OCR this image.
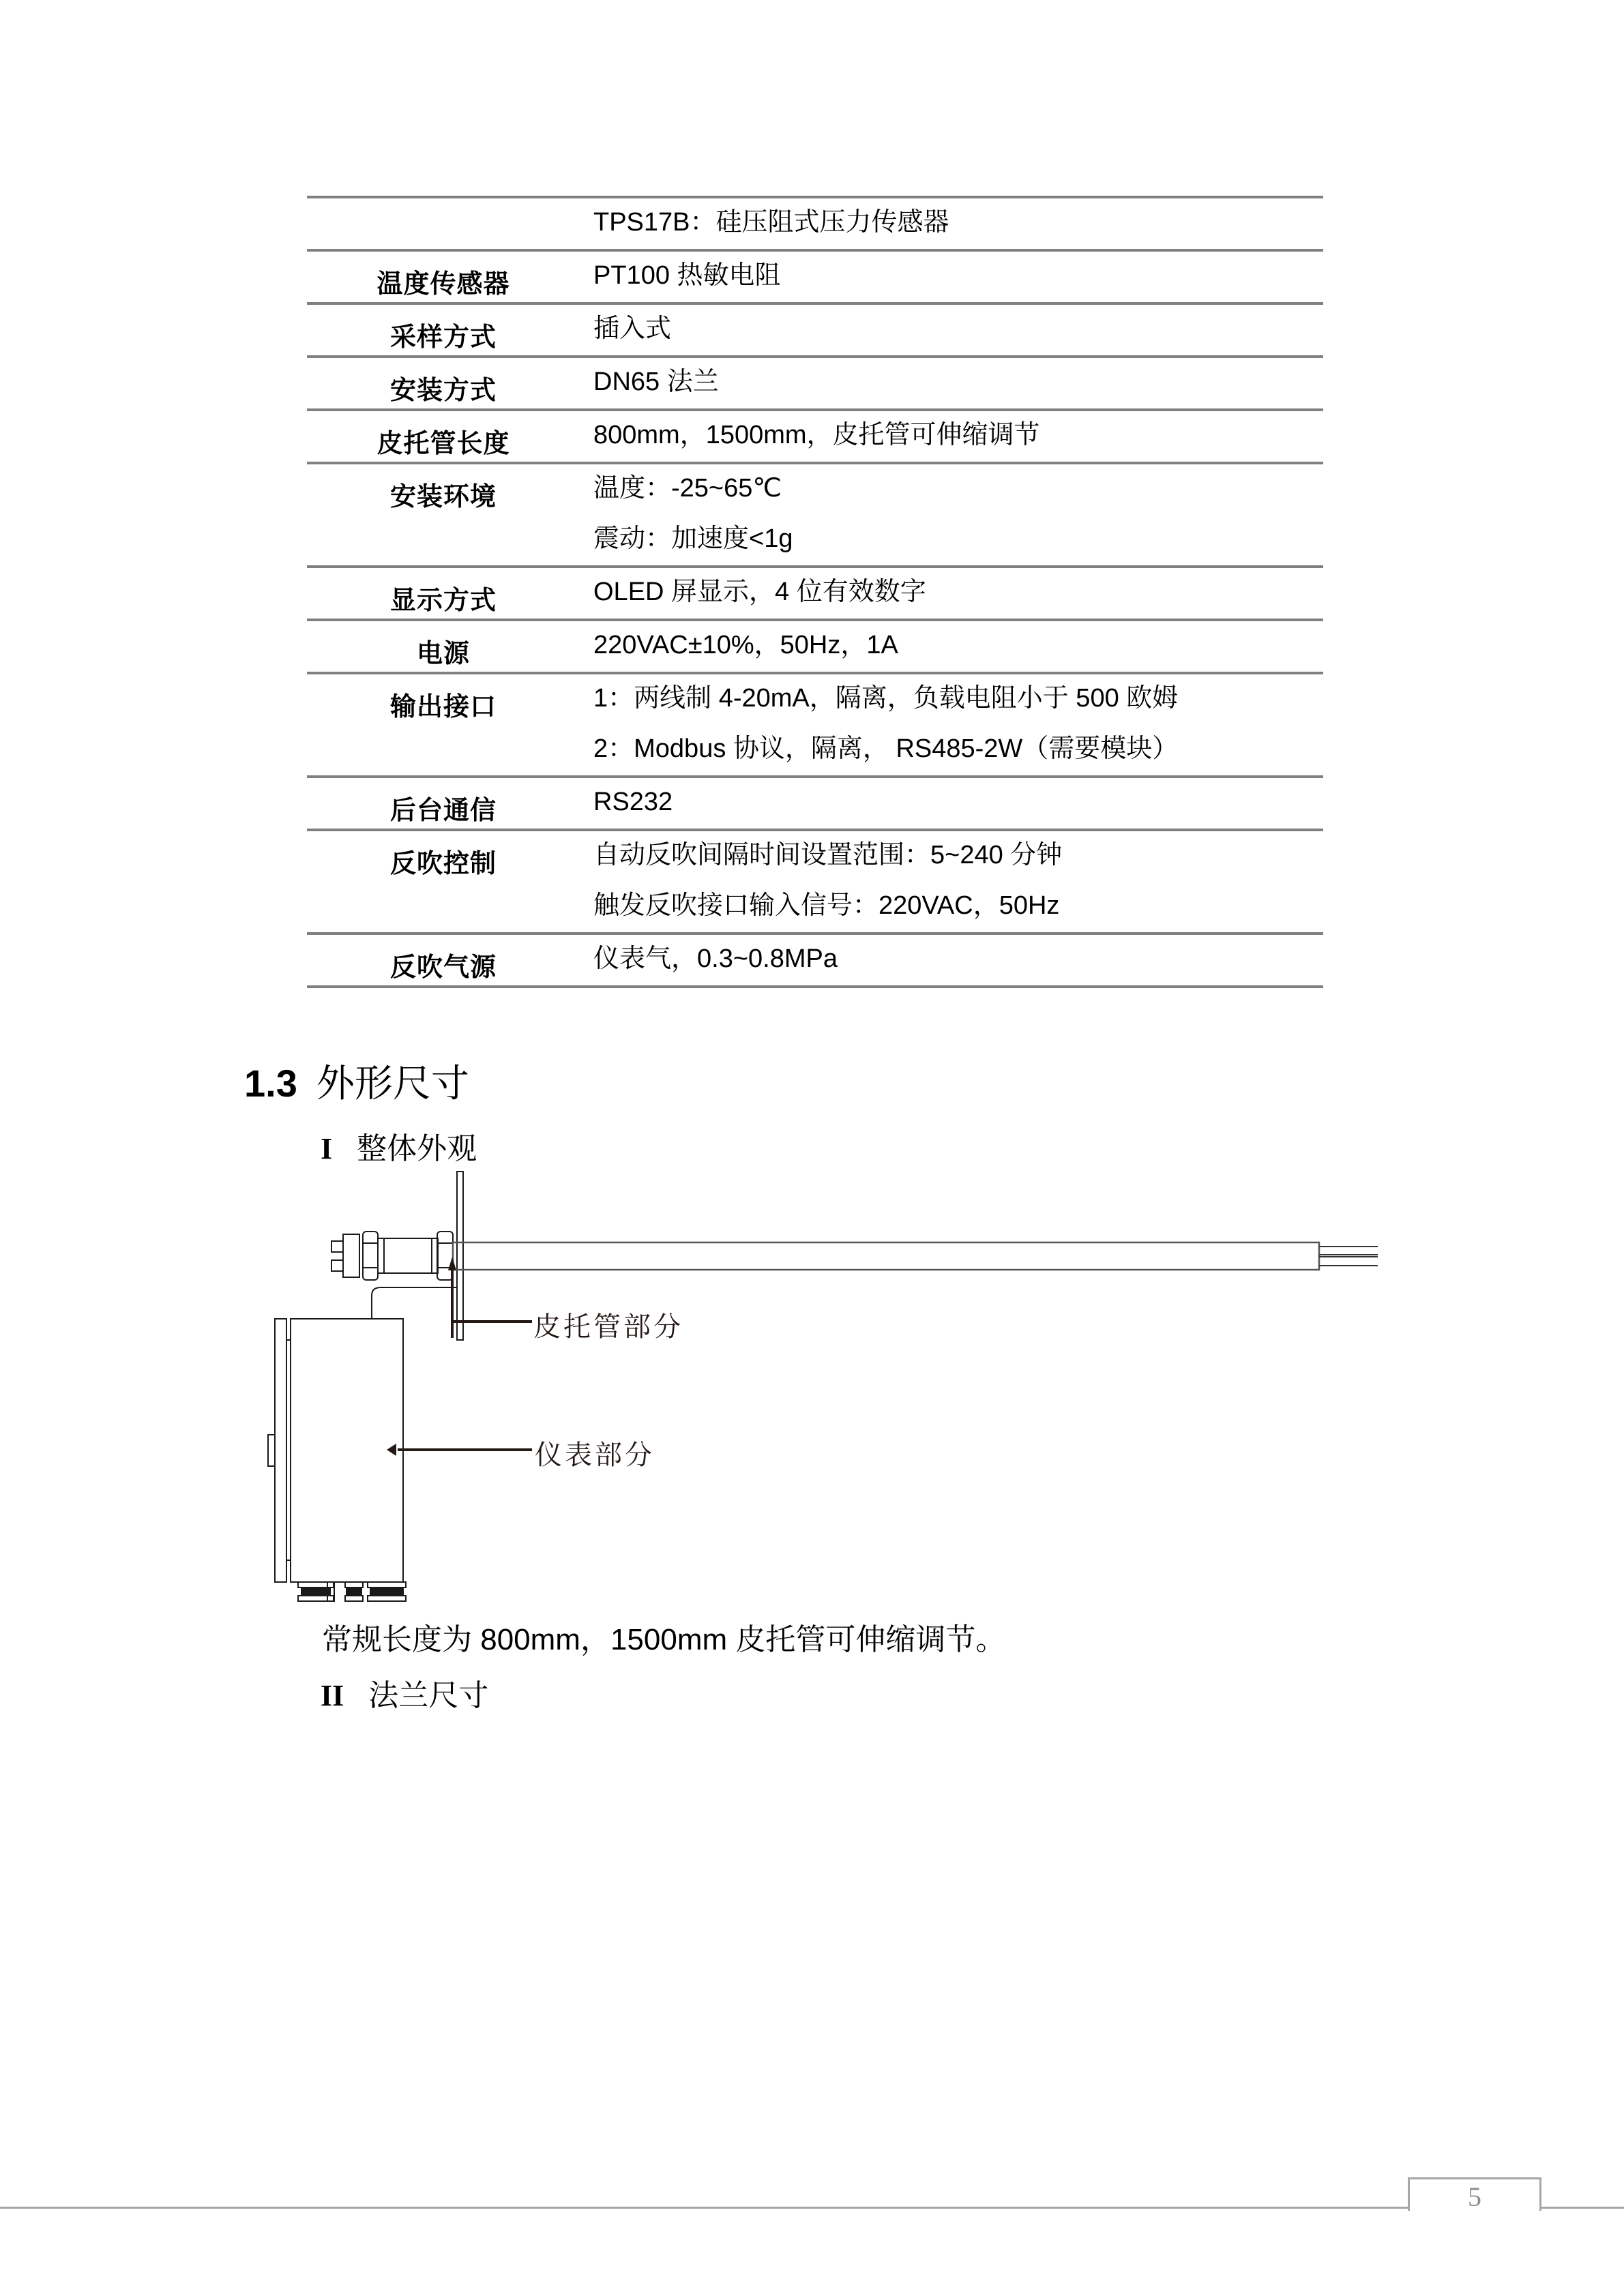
TPS17B：硅压阻式压力传感器
温度传感器	PT100 热敏电阻
采样方式	插入式
安装方式	DN65 法兰
皮托管长度	800mm，1500mm，皮托管可伸缩调节
安装环境	温度：-25~65℃
震动：加速度<1g
显示方式	OLED 屏显示，4 位有效数字
电源	220VAC±10%，50Hz，1A
输出接口	1：两线制 4-20mA，隔离，负载电阻小于 500 欧姆
2：Modbus 协议，隔离， RS485-2W（需要模块）
后台通信	RS232
反吹控制	自动反吹间隔时间设置范围：5~240 分钟
触发反吹接口输入信号：220VAC，50Hz
反吹气源	仪表气，0.3~0.8MPa
1.3 外形尺寸
I 整体外观
皮托管部分
仪表部分
常规长度为 800mm，1500mm 皮托管可伸缩调节。
II 法兰尺寸
5
